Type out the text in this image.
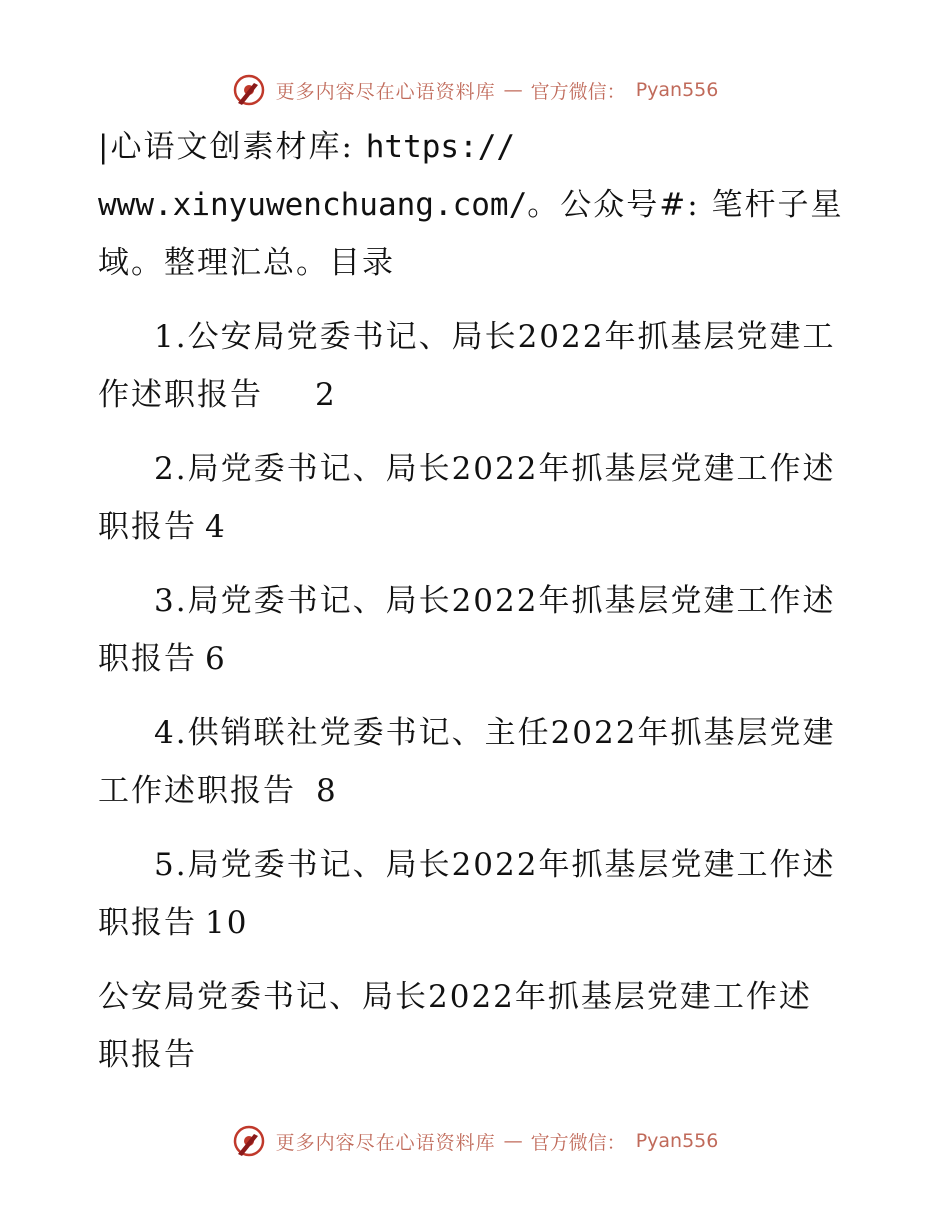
更多内容尽在心语资料库 — 官方微信： Pyan556
|心语文创素材库: https://
www.xinyuwenchuang.com/。公众号#: 笔杆子星
域。整理汇总。目录
1.公安局党委书记、局长2022年抓基层党建工
作述职报告 2
2.局党委书记、局长2022年抓基层党建工作述
职报告 4
3.局党委书记、局长2022年抓基层党建工作述
职报告 6
4.供销联社党委书记、主任2022年抓基层党建
工作述职报告 8
5.局党委书记、局长2022年抓基层党建工作述
职报告 10
公安局党委书记、局长2022年抓基层党建工作述
职报告
更多内容尽在心语资料库 — 官方微信： Pyan556
